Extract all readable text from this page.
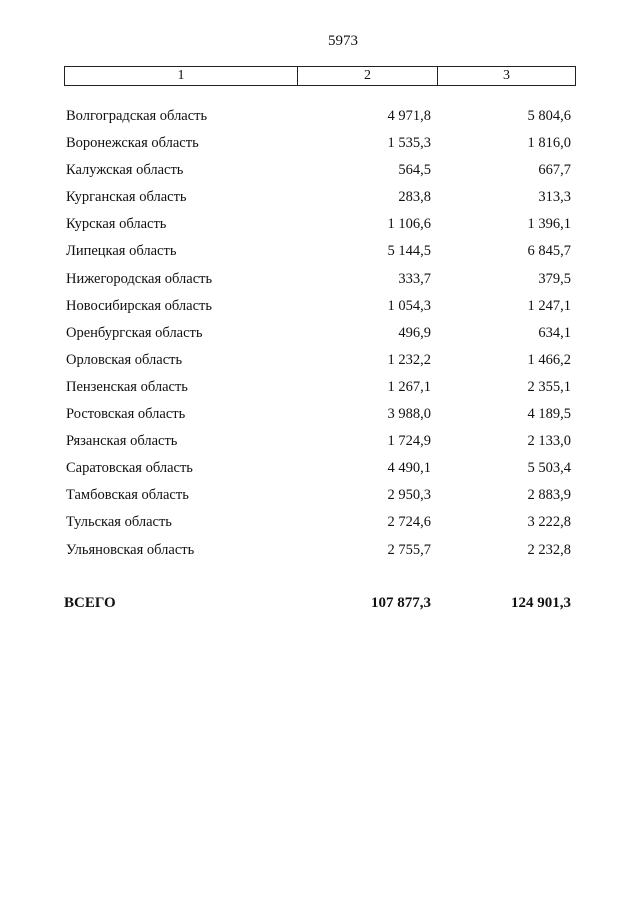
5973
1	2	3
Волгоградская область	4 971,8	5 804,6
Воронежская область	1 535,3	1 816,0
Калужская область	564,5	667,7
Курганская область	283,8	313,3
Курская область	1 106,6	1 396,1
Липецкая область	5 144,5	6 845,7
Нижегородская область	333,7	379,5
Новосибирская область	1 054,3	1 247,1
Оренбургская область	496,9	634,1
Орловская область	1 232,2	1 466,2
Пензенская область	1 267,1	2 355,1
Ростовская область	3 988,0	4 189,5
Рязанская область	1 724,9	2 133,0
Саратовская область	4 490,1	5 503,4
Тамбовская область	2 950,3	2 883,9
Тульская область	2 724,6	3 222,8
Ульяновская область	2 755,7	2 232,8
ВСЕГО	107 877,3	124 901,3
